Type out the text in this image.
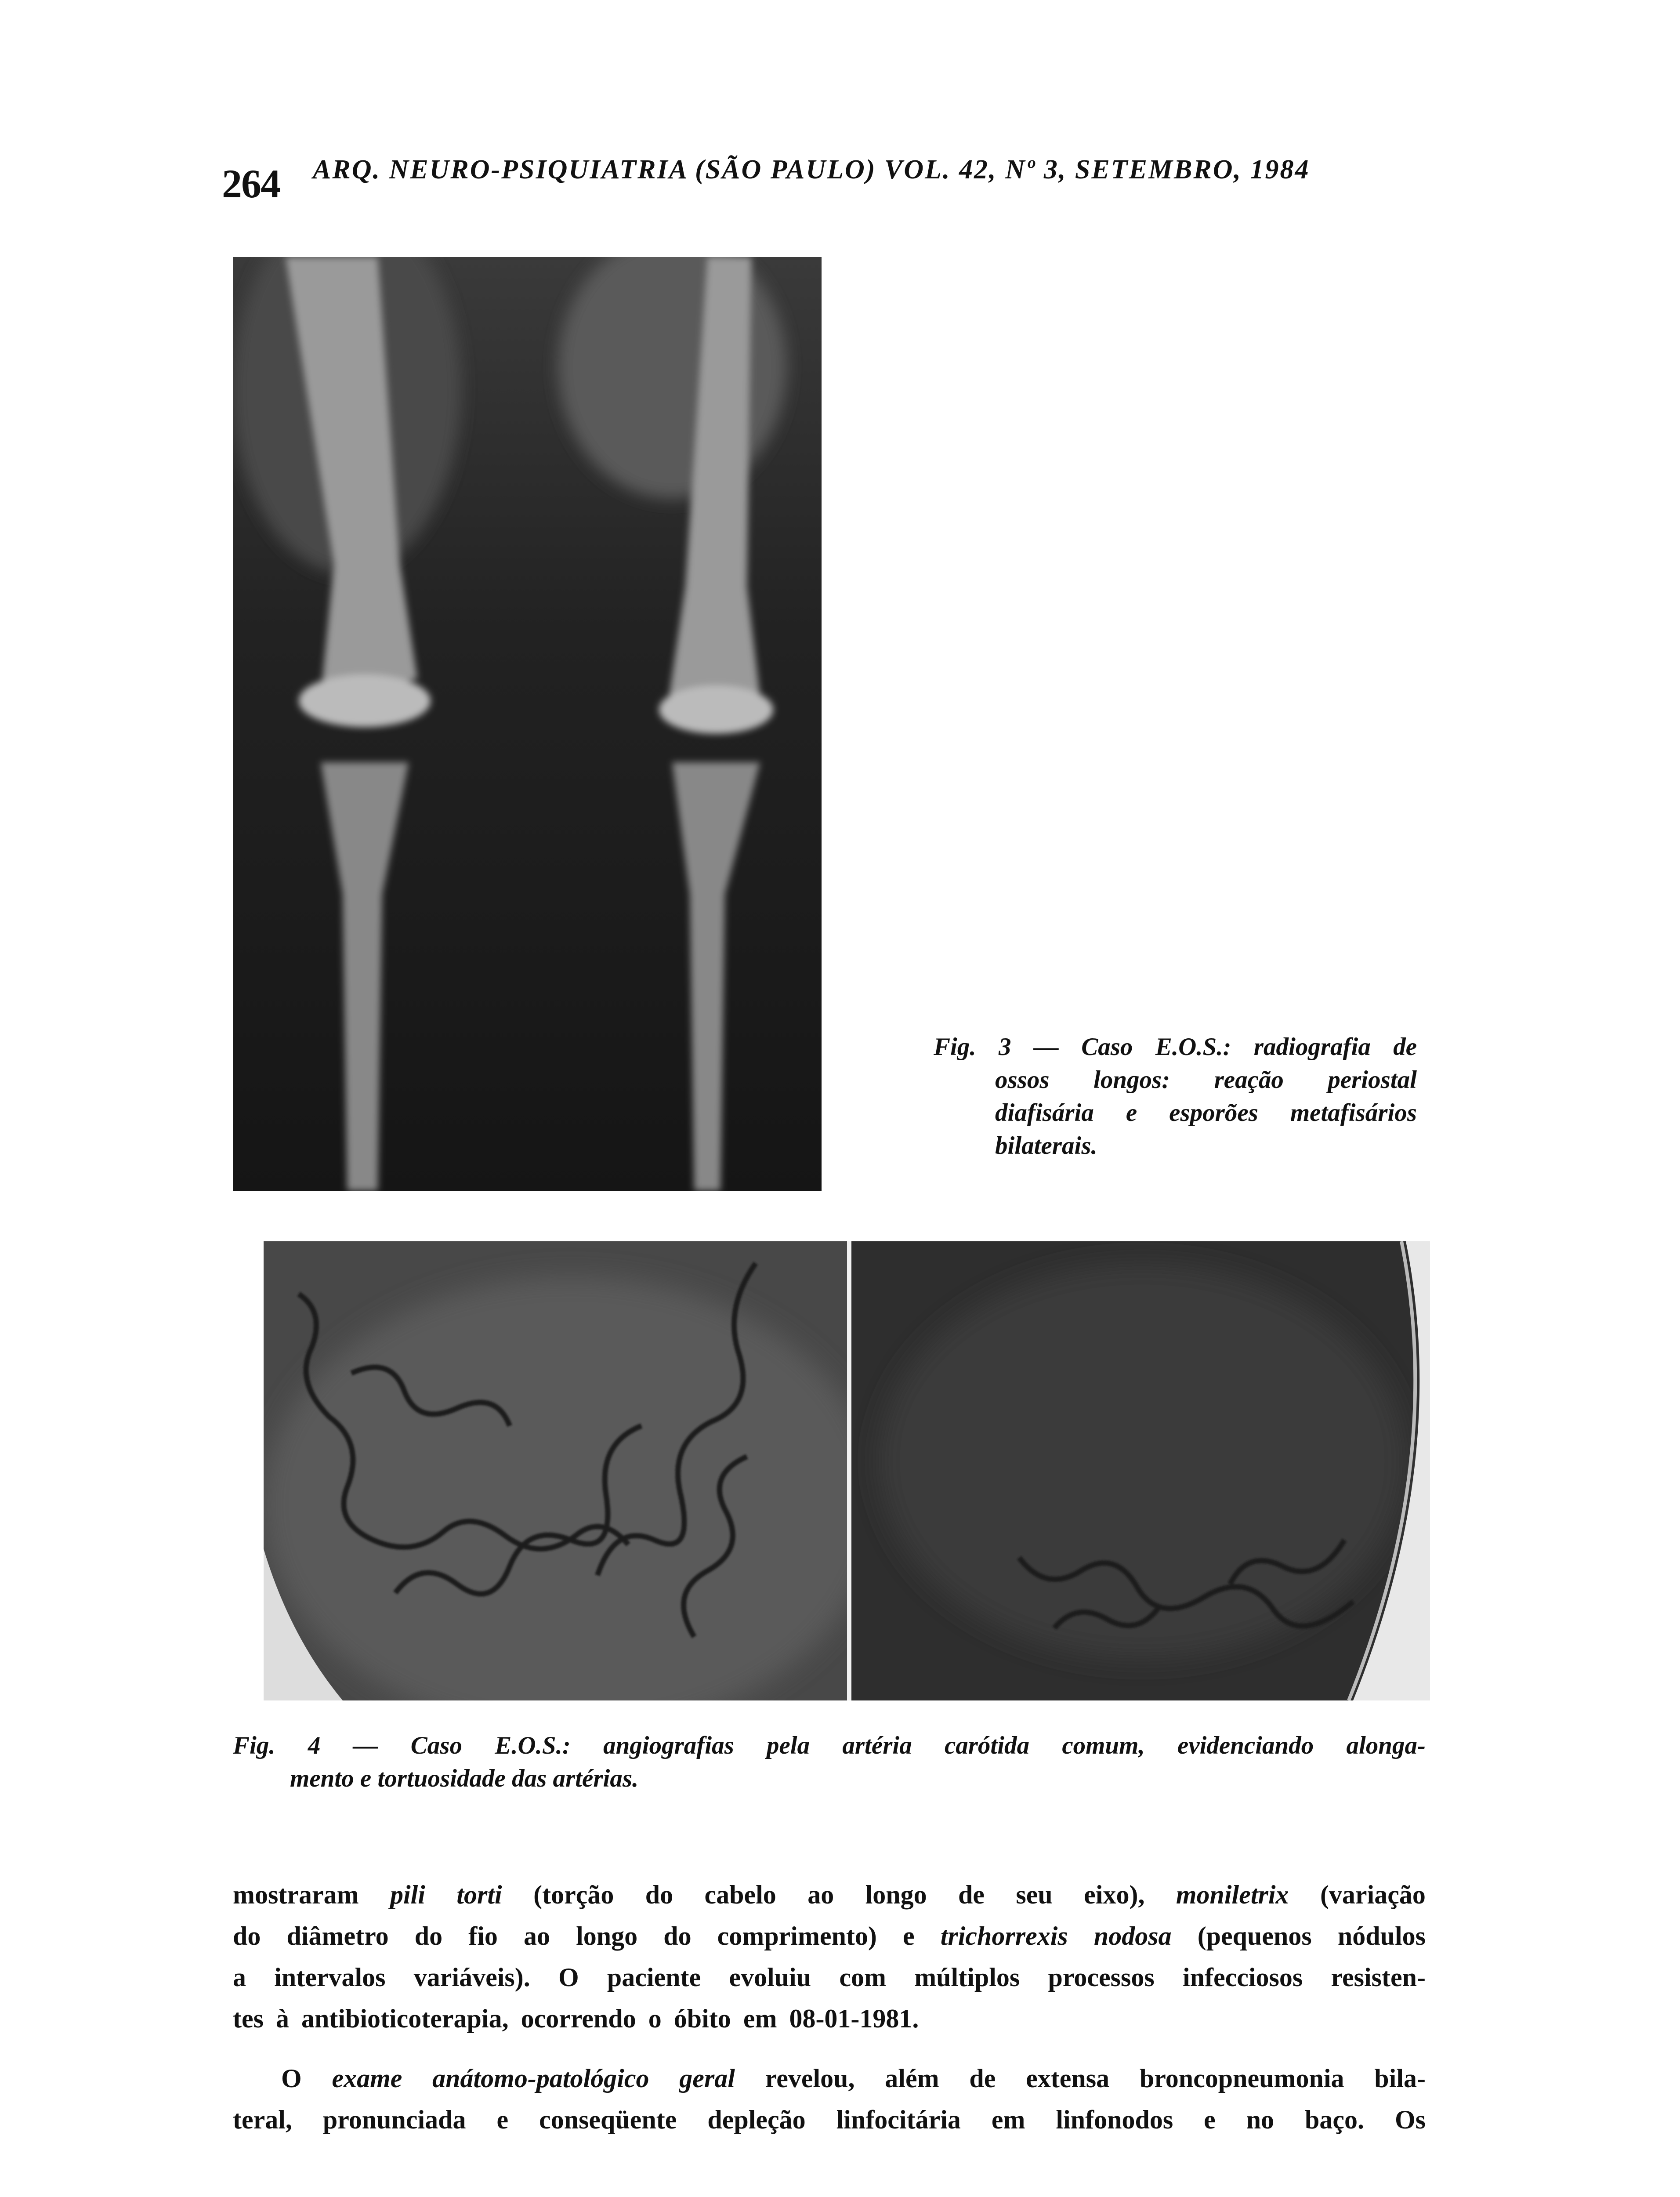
264 ARQ. NEURO-PSIQUIATRIA (SÃO PAULO) VOL. 42, Nº 3, SETEMBRO, 1984
Fig. 3 — Caso E.O.S.: radiografia de
ossos longos: reação periostal
diafisária e esporões metafisários
bilaterais.
Fig. 4 — Caso E.O.S.: angiografias pela artéria carótida comum, evidenciando alonga-
mento e tortuosidade das artérias.
mostraram pili torti (torção do cabelo ao longo de seu eixo), moniletrix (variação
do diâmetro do fio ao longo do comprimento) e trichorrexis nodosa (pequenos nódulos
a intervalos variáveis). O paciente evoluiu com múltiplos processos infecciosos resisten-
tes à antibioticoterapia, ocorrendo o óbito em 08-01-1981.
O exame anátomo-patológico geral revelou, além de extensa broncopneumonia bila-
teral, pronunciada e conseqüente depleção linfocitária em linfonodos e no baço. Os
